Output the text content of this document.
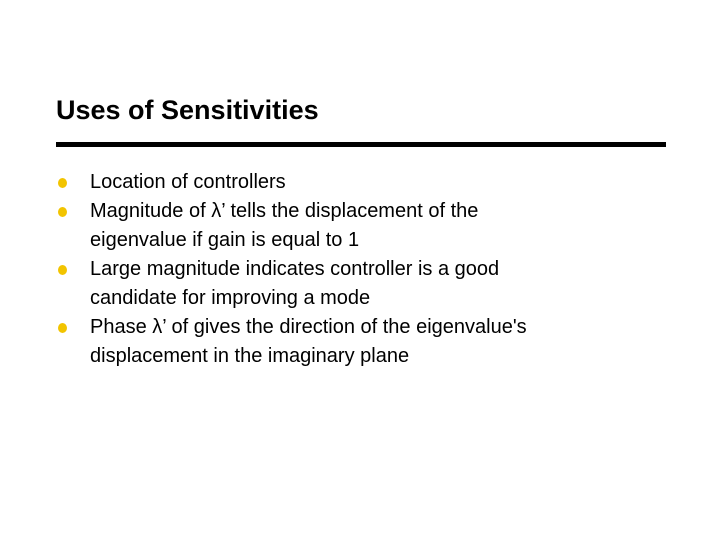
Uses of Sensitivities
Location of controllers
Magnitude of λ’ tells the displacement of the eigenvalue if gain is equal to 1
Large magnitude indicates controller is a good candidate for improving a mode
Phase λ’ of gives the direction of the eigenvalue's displacement in the imaginary plane
